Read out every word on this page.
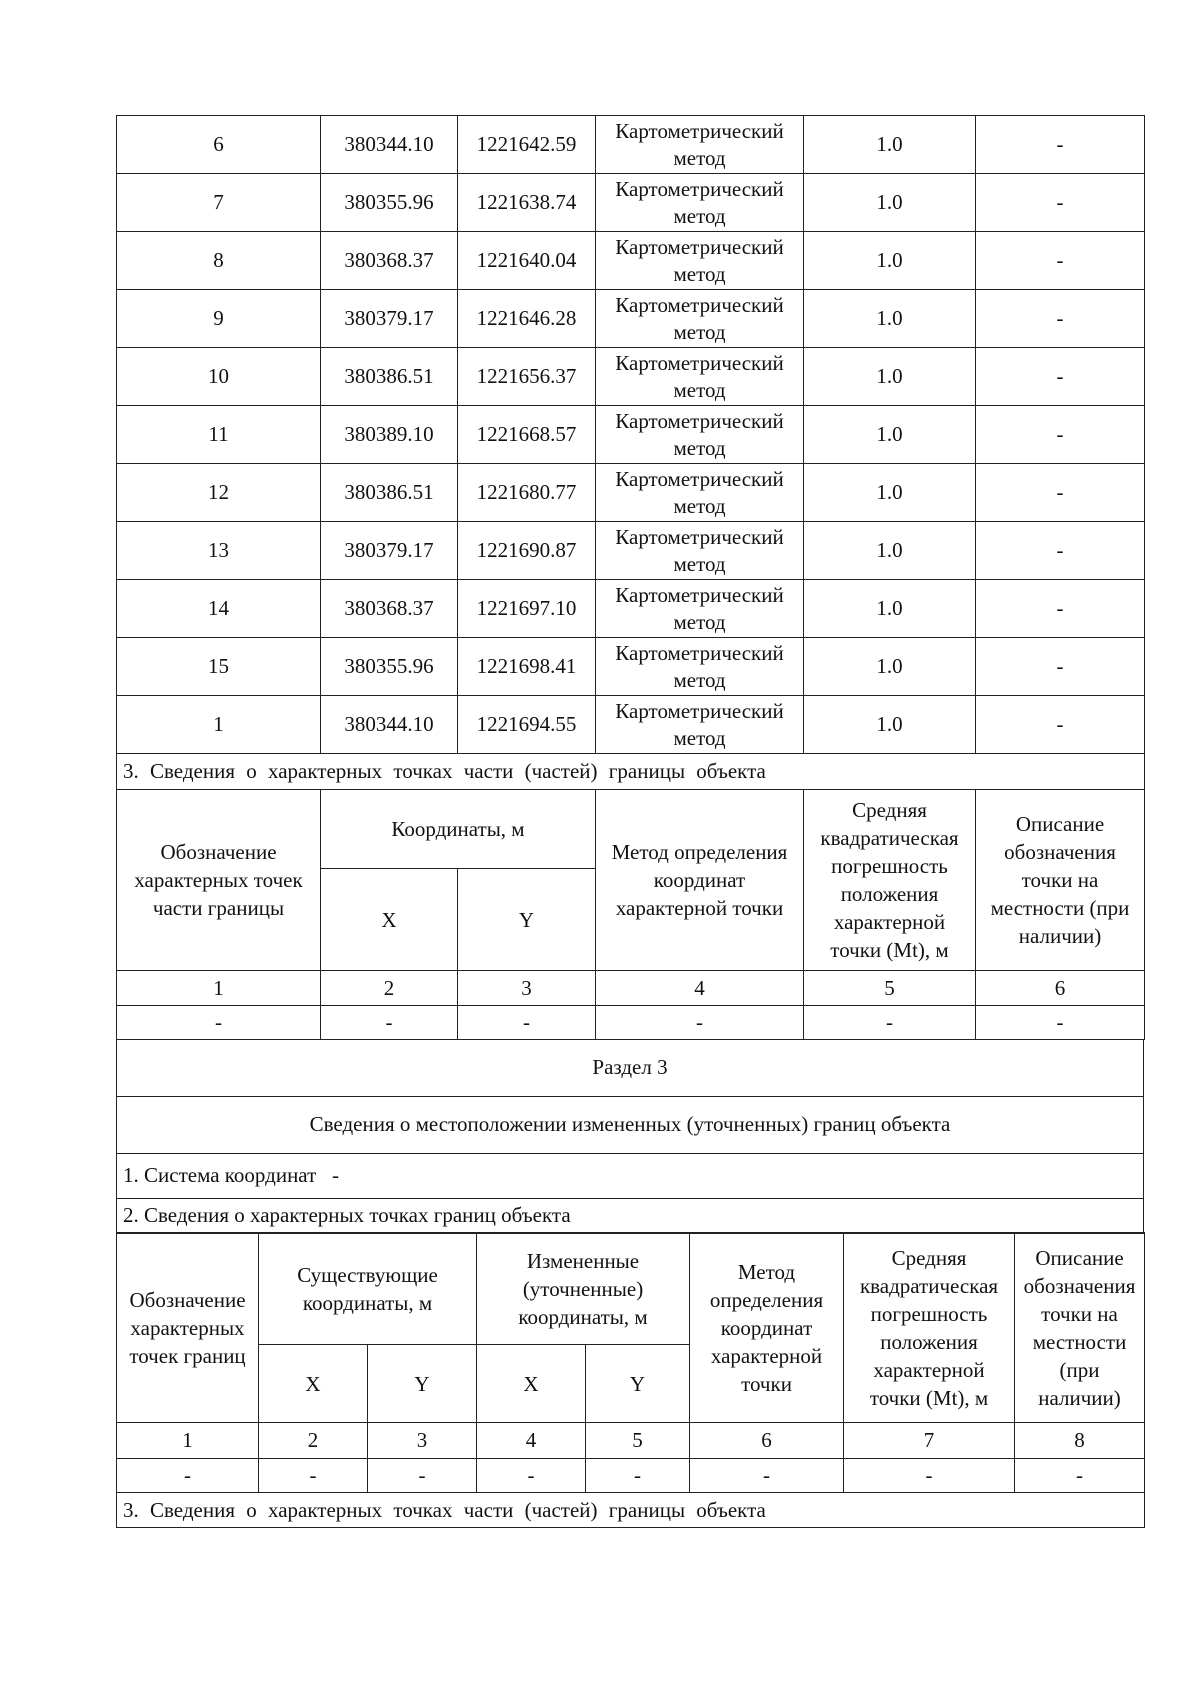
6	380344.10	1221642.59	Картометрический метод	1.0	-
7	380355.96	1221638.74	Картометрический метод	1.0	-
8	380368.37	1221640.04	Картометрический метод	1.0	-
9	380379.17	1221646.28	Картометрический метод	1.0	-
10	380386.51	1221656.37	Картометрический метод	1.0	-
11	380389.10	1221668.57	Картометрический метод	1.0	-
12	380386.51	1221680.77	Картометрический метод	1.0	-
13	380379.17	1221690.87	Картометрический метод	1.0	-
14	380368.37	1221697.10	Картометрический метод	1.0	-
15	380355.96	1221698.41	Картометрический метод	1.0	-
1	380344.10	1221694.55	Картометрический метод	1.0	-
3. Сведения о характерных точках части (частей) границы объекта					
Обозначение характерных точек части границы	Координаты, м		Метод определения координат характерной точки	Средняя квадратическая погрешность положения характерной точки (Mt), м	Описание обозначения точки на местности (при наличии)
	X	Y			
1	2	3	4	5	6
-	-	-	-	-	-
Раздел 3
Сведения о местоположении измененных (уточненных) границ объекта
1. Система координат   -
2. Сведения о характерных точках границ объекта
Обозначение характерных точек границ	Существующие координаты, м		Измененные (уточненные) координаты, м		Метод определения координат характерной точки	Средняя квадратическая погрешность положения характерной точки (Mt), м	Описание обозначения точки на местности (при наличии)
	X	Y	X	Y			
1	2	3	4	5	6	7	8
-	-	-	-	-	-	-	-
3. Сведения о характерных точках части (частей) границы объекта							
